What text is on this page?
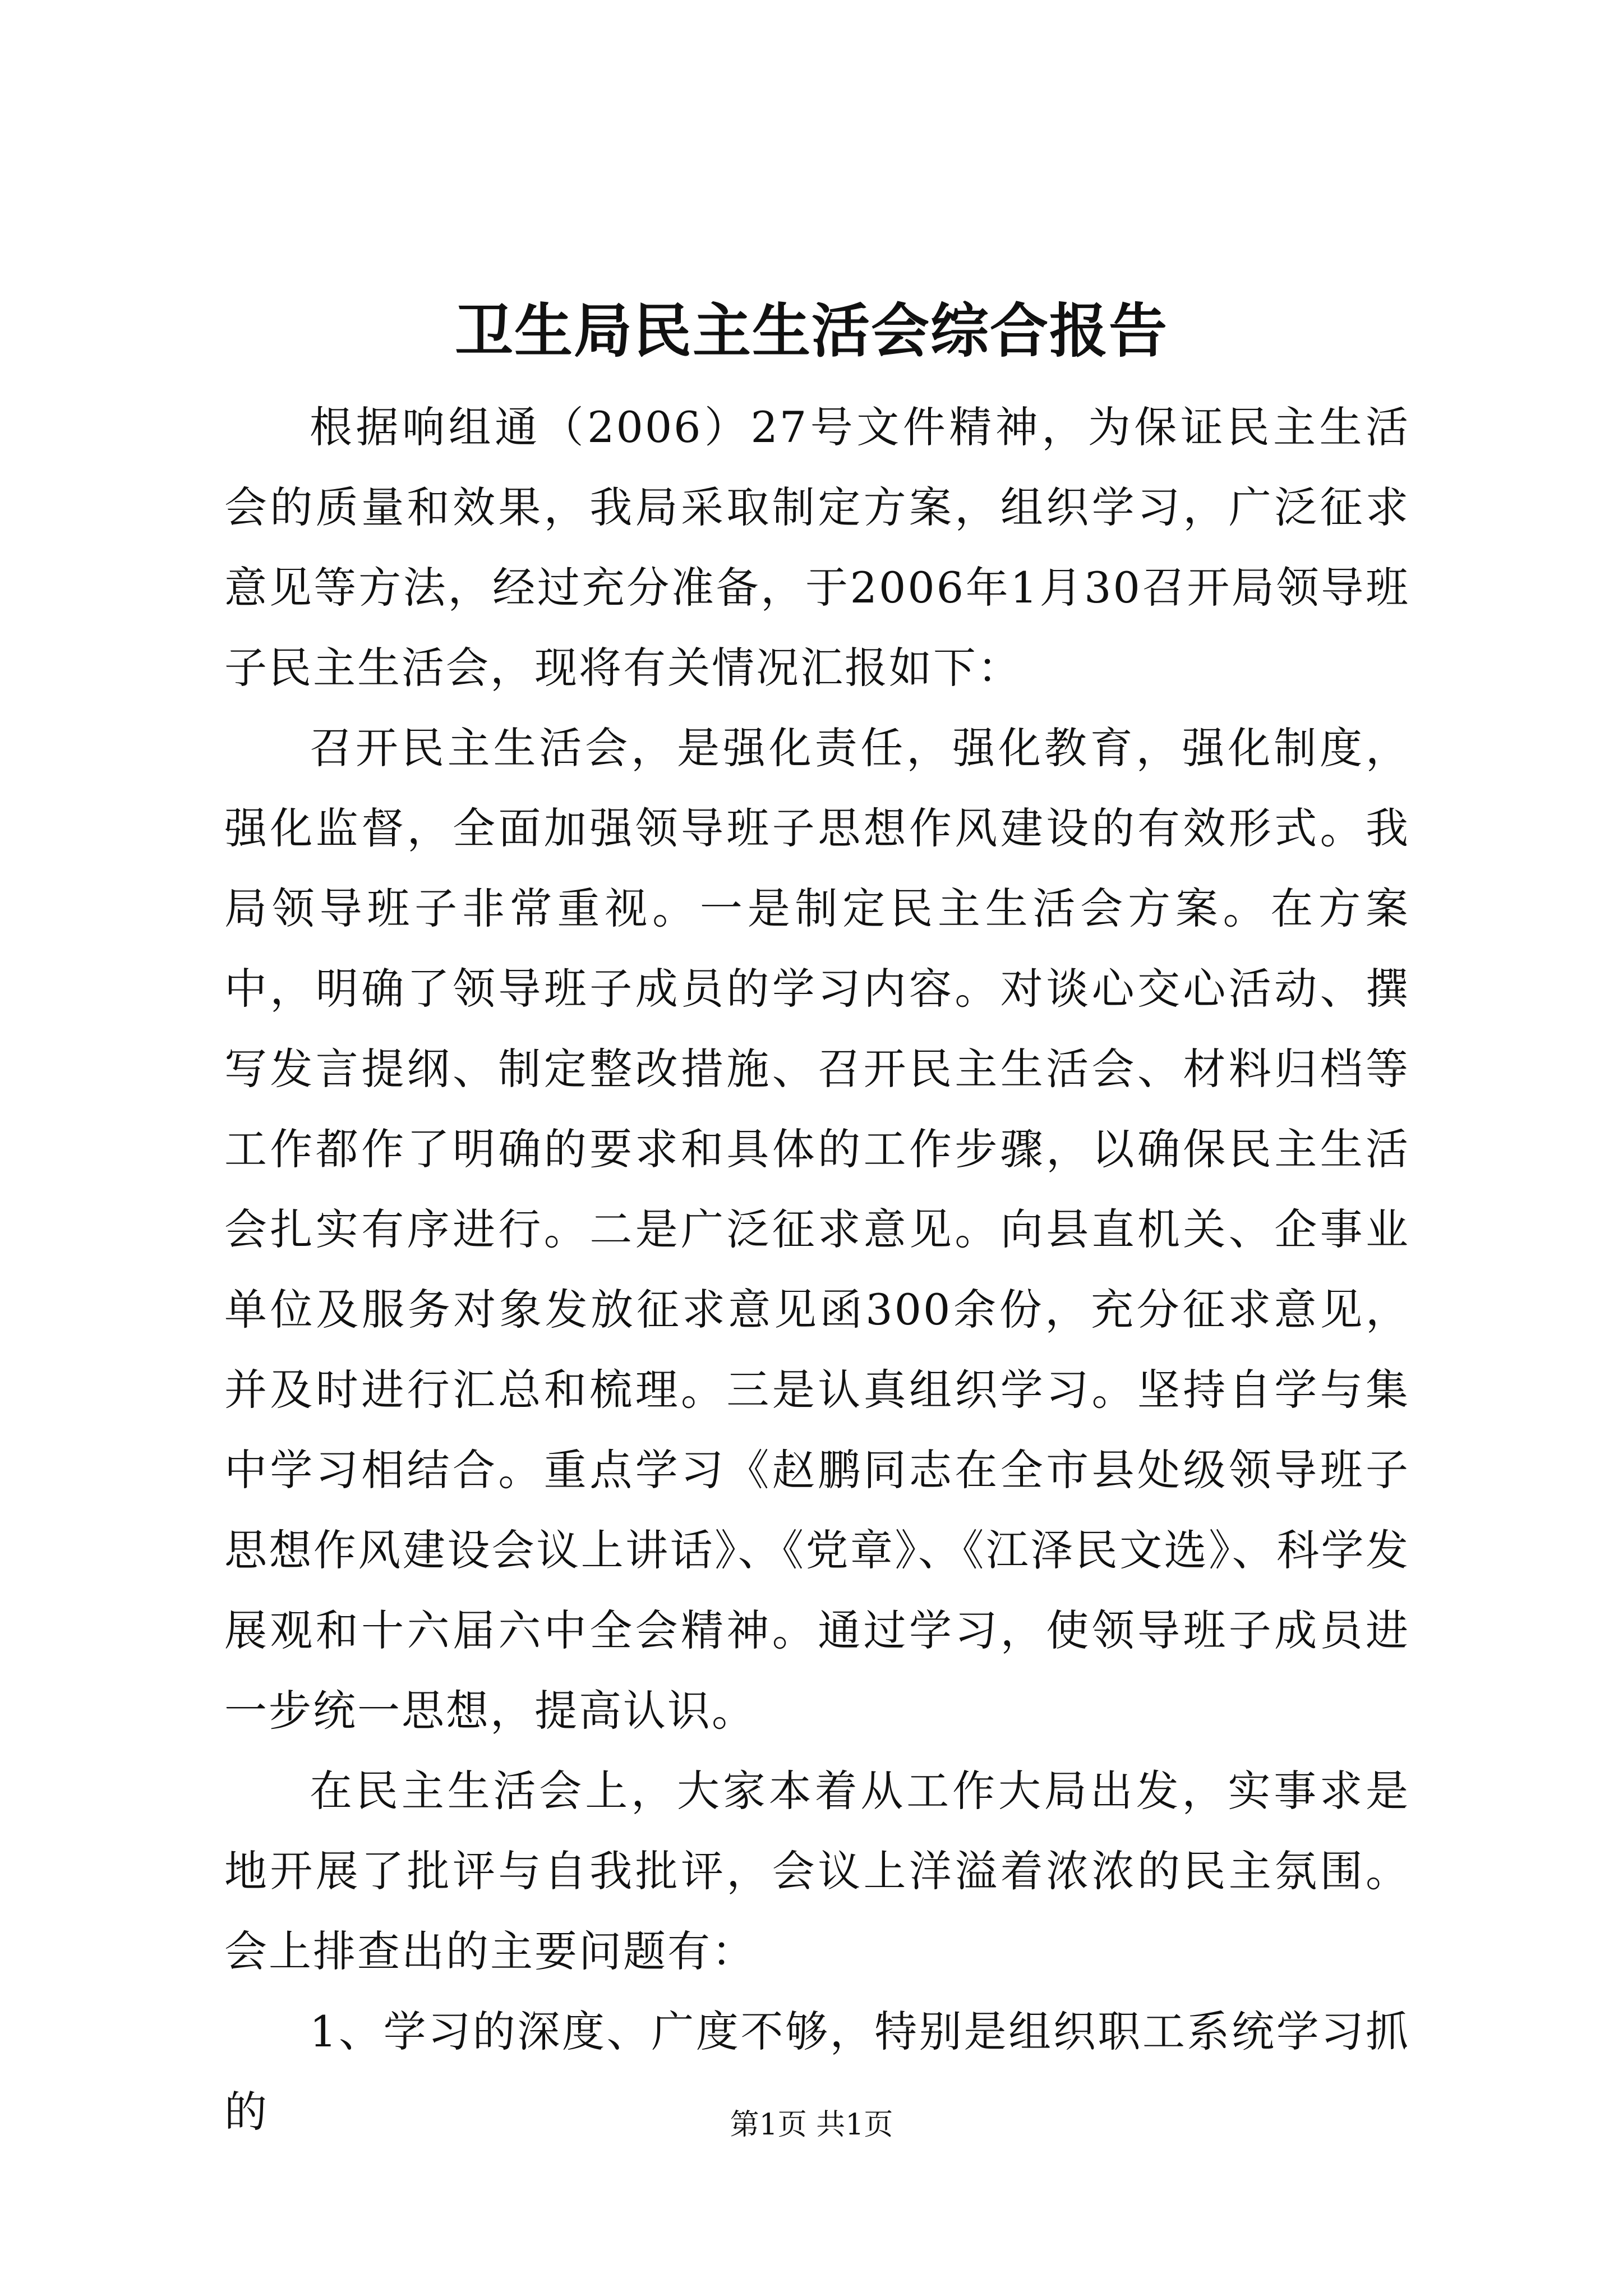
卫生局民主生活会综合报告

根据响组通（2006）27号文件精神，为保证民主生活会的质量和效果，我局采取制定方案，组织学习，广泛征求意见等方法，经过充分准备，于2006年1月30召开局领导班子民主生活会，现将有关情况汇报如下：

召开民主生活会，是强化责任，强化教育，强化制度，强化监督，全面加强领导班子思想作风建设的有效形式。我局领导班子非常重视。一是制定民主生活会方案。在方案中，明确了领导班子成员的学习内容。对谈心交心活动、撰写发言提纲、制定整改措施、召开民主生活会、材料归档等工作都作了明确的要求和具体的工作步骤，以确保民主生活会扎实有序进行。二是广泛征求意见。向县直机关、企事业单位及服务对象发放征求意见函300余份，充分征求意见，并及时进行汇总和梳理。三是认真组织学习。坚持自学与集中学习相结合。重点学习《赵鹏同志在全市县处级领导班子思想作风建设会议上讲话》、《党章》、《江泽民文选》、科学发展观和十六届六中全会精神。通过学习，使领导班子成员进一步统一思想，提高认识。

在民主生活会上，大家本着从工作大局出发，实事求是地开展了批评与自我批评，会议上洋溢着浓浓的民主氛围。会上排查出的主要问题有：

1、学习的深度、广度不够，特别是组织职工系统学习抓的	第1页 共1页
